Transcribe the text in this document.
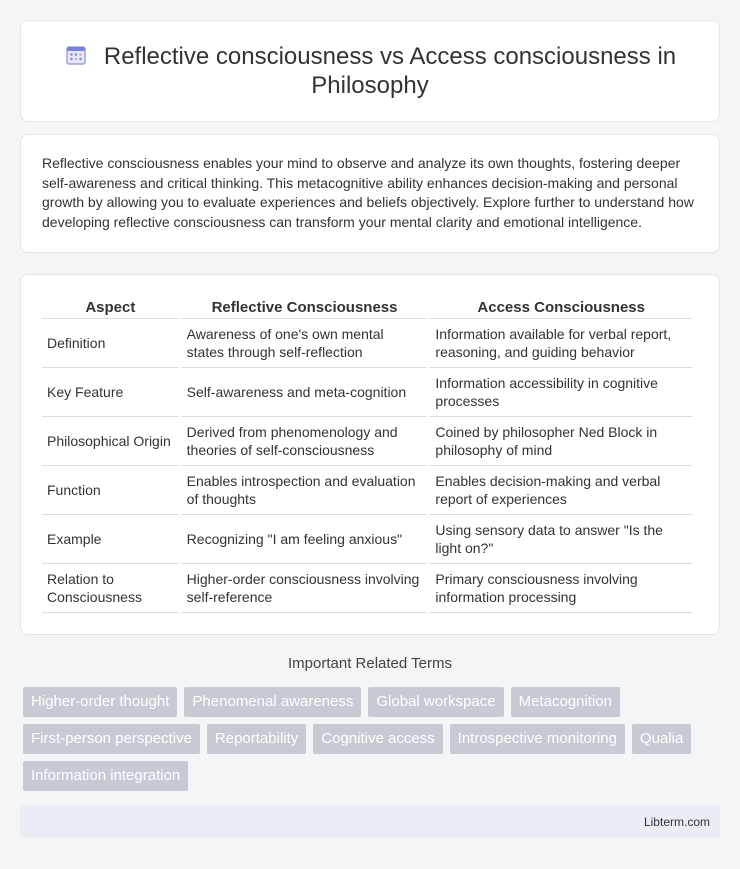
Reflective consciousness vs Access consciousness in Philosophy

Reflective consciousness enables your mind to observe and analyze its own thoughts, fostering deeper self-awareness and critical thinking. This metacognitive ability enhances decision-making and personal growth by allowing you to evaluate experiences and beliefs objectively. Explore further to understand how developing reflective consciousness can transform your mental clarity and emotional intelligence.

Aspect	Reflective Consciousness	Access Consciousness
Definition	Awareness of one's own mental states through self-reflection	Information available for verbal report, reasoning, and guiding behavior
Key Feature	Self-awareness and meta-cognition	Information accessibility in cognitive processes
Philosophical Origin	Derived from phenomenology and theories of self-consciousness	Coined by philosopher Ned Block in philosophy of mind
Function	Enables introspection and evaluation of thoughts	Enables decision-making and verbal report of experiences
Example	Recognizing "I am feeling anxious"	Using sensory data to answer "Is the light on?"
Relation to Consciousness	Higher-order consciousness involving self-reference	Primary consciousness involving information processing
Important Related Terms
Higher-order thought	Phenomenal awareness	Global workspace	Metacognition
First-person perspective	Reportability	Cognitive access	Introspective monitoring	Qualia
Information integration
Libterm.com
